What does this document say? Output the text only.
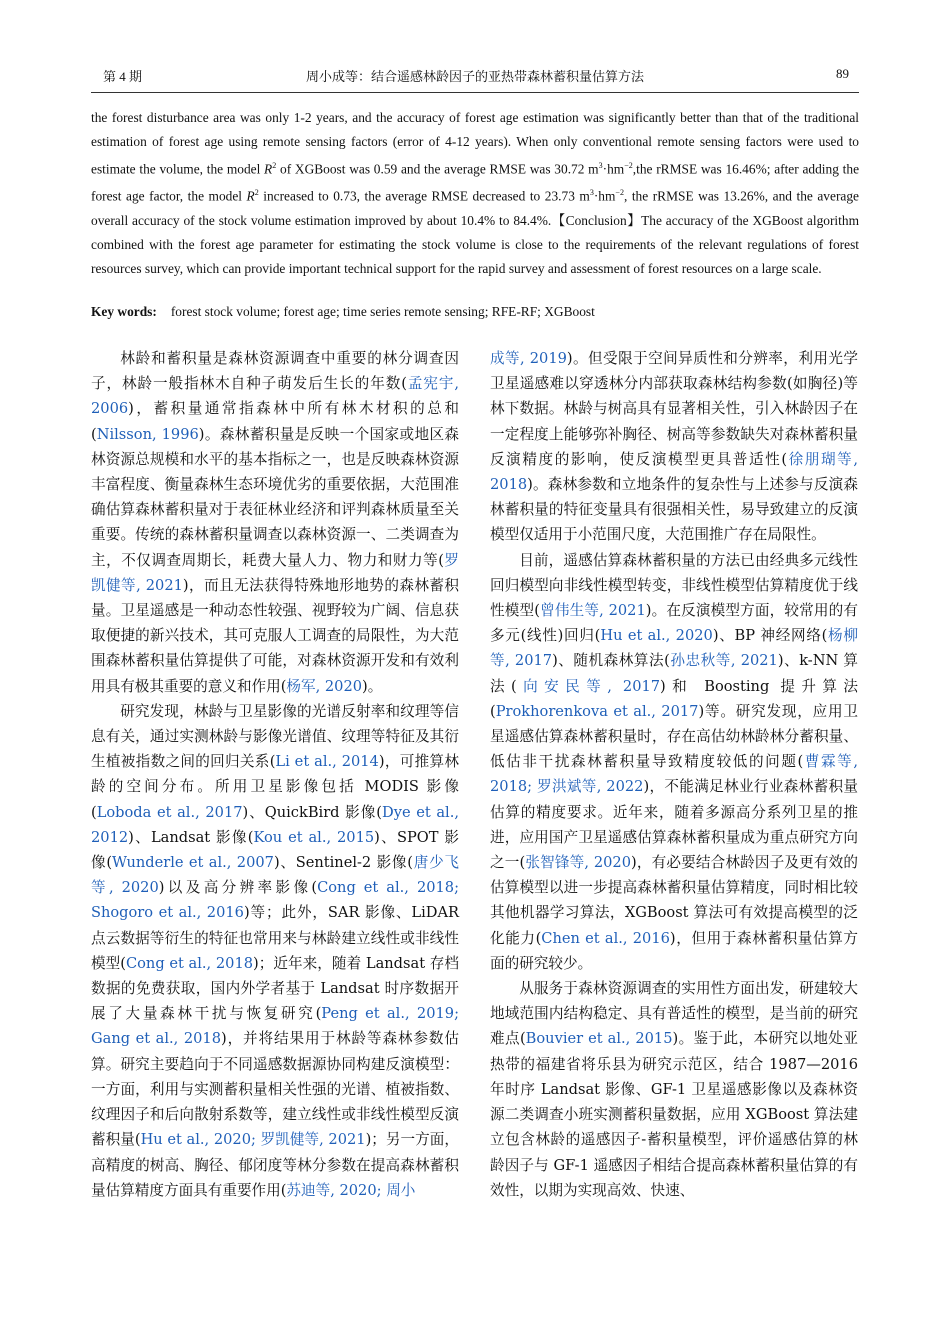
第 4 期	周小成等：结合遥感林龄因子的亚热带森林蓄积量估算方法	89
the forest disturbance area was only 1-2 years, and the accuracy of forest age estimation was significantly better than that of the traditional estimation of forest age using remote sensing factors (error of 4-12 years). When only conventional remote sensing factors were used to estimate the volume, the model $R^2$ of XGBoost was 0.59 and the average RMSE was 30.72 $m^3\cdot hm^{-2},the$ rRMSE was 16.46%; after adding the forest age factor, the model $R^2$ increased to 0.73, the average RMSE decreased to 23.73 $m^3\cdot hm^{-2}$, the rRMSE was 13.26%, and the average overall accuracy of the stock volume estimation improved by about 10.4% to 84.4%.【Conclusion】The accuracy of the XGBoost algorithm combined with the forest age parameter for estimating the stock volume is close to the requirements of the relevant regulations of forest resources survey, which can provide important technical support for the rapid survey and assessment of forest resources on a large scale.
Key words: forest stock volume; forest age; time series remote sensing; RFE-RF; XGBoost

林龄和蓄积量是森林资源调查中重要的林分调查因子，林龄一般指林木自种子萌发后生长的年数(孟宪宇, 2006)，蓄积量通常指森林中所有林木材积的总和(Nilsson, 1996)。森林蓄积量是反映一个国家或地区森林资源总规模和水平的基本指标之一，也是反映森林资源丰富程度、衡量森林生态环境优劣的重要依据，大范围准确估算森林蓄积量对于表征林业经济和评判森林质量至关重要。传统的森林蓄积量调查以森林资源一、二类调查为主，不仅调查周期长，耗费大量人力、物力和财力等(罗凯健等, 2021)，而且无法获得特殊地形地势的森林蓄积量。卫星遥感是一种动态性较强、视野较为广阔、信息获取便捷的新兴技术，其可克服人工调查的局限性，为大范围森林蓄积量估算提供了可能，对森林资源开发和有效利用具有极其重要的意义和作用(杨军, 2020)。

研究发现，林龄与卫星影像的光谱反射率和纹理等信息有关，通过实测林龄与影像光谱值、纹理等特征及其衍生植被指数之间的回归关系(Li et al., 2014)，可推算林龄的空间分布。所用卫星影像包括 MODIS 影像(Loboda et al., 2017)、QuickBird 影像(Dye et al., 2012)、Landsat 影像(Kou et al., 2015)、SPOT 影像(Wunderle et al., 2007)、Sentinel-2 影像(唐少飞等, 2020)以及高分辨率影像(Cong et al., 2018; Shogoro et al., 2016)等；此外，SAR 影像、LiDAR 点云数据等衍生的特征也常用来与林龄建立线性或非线性模型(Cong et al., 2018)；近年来，随着 Landsat 存档数据的免费获取，国内外学者基于 Landsat 时序数据开展了大量森林干扰与恢复研究(Peng et al., 2019; Gang et al., 2018)，并将结果用于林龄等森林参数估算。研究主要趋向于不同遥感数据源协同构建反演模型：一方面，利用与实测蓄积量相关性强的光谱、植被指数、纹理因子和后向散射系数等，建立线性或非线性模型反演蓄积量(Hu et al., 2020; 罗凯健等, 2021)；另一方面，高精度的树高、胸径、郁闭度等林分参数在提高森林蓄积量估算精度方面具有重要作用(苏迪等, 2020; 周小

成等, 2019)。但受限于空间异质性和分辨率，利用光学卫星遥感难以穿透林分内部获取森林结构参数(如胸径)等林下数据。林龄与树高具有显著相关性，引入林龄因子在一定程度上能够弥补胸径、树高等参数缺失对森林蓄积量反演精度的影响，使反演模型更具普适性(徐朋瑚等, 2018)。森林参数和立地条件的复杂性与上述参与反演森林蓄积量的特征变量具有很强相关性，易导致建立的反演模型仅适用于小范围尺度，大范围推广存在局限性。

目前，遥感估算森林蓄积量的方法已由经典多元线性回归模型向非线性模型转变，非线性模型估算精度优于线性模型(曾伟生等, 2021)。在反演模型方面，较常用的有多元(线性)回归(Hu et al., 2020)、BP 神经网络(杨柳等, 2017)、随机森林算法(孙忠秋等, 2021)、k-NN 算法(向安民等, 2017)和 Boosting 提升算法(Prokhorenkova et al., 2017)等。研究发现，应用卫星遥感估算森林蓄积量时，存在高估幼林龄林分蓄积量、低估非干扰森林蓄积量导致精度较低的问题(曹霖等, 2018; 罗洪斌等, 2022)，不能满足林业行业森林蓄积量估算的精度要求。近年来，随着多源高分系列卫星的推进，应用国产卫星遥感估算森林蓄积量成为重点研究方向之一(张智锋等, 2020)，有必要结合林龄因子及更有效的估算模型以进一步提高森林蓄积量估算精度，同时相比较其他机器学习算法，XGBoost 算法可有效提高模型的泛化能力(Chen et al., 2016)，但用于森林蓄积量估算方面的研究较少。

从服务于森林资源调查的实用性方面出发，研建较大地域范围内结构稳定、具有普适性的模型，是当前的研究难点(Bouvier et al., 2015)。鉴于此，本研究以地处亚热带的福建省将乐县为研究示范区，结合 1987—2016 年时序 Landsat 影像、GF-1 卫星遥感影像以及森林资源二类调查小班实测蓄积量数据，应用 XGBoost 算法建立包含林龄的遥感因子-蓄积量模型，评价遥感估算的林龄因子与 GF-1 遥感因子相结合提高森林蓄积量估算的有效性，以期为实现高效、快速、
